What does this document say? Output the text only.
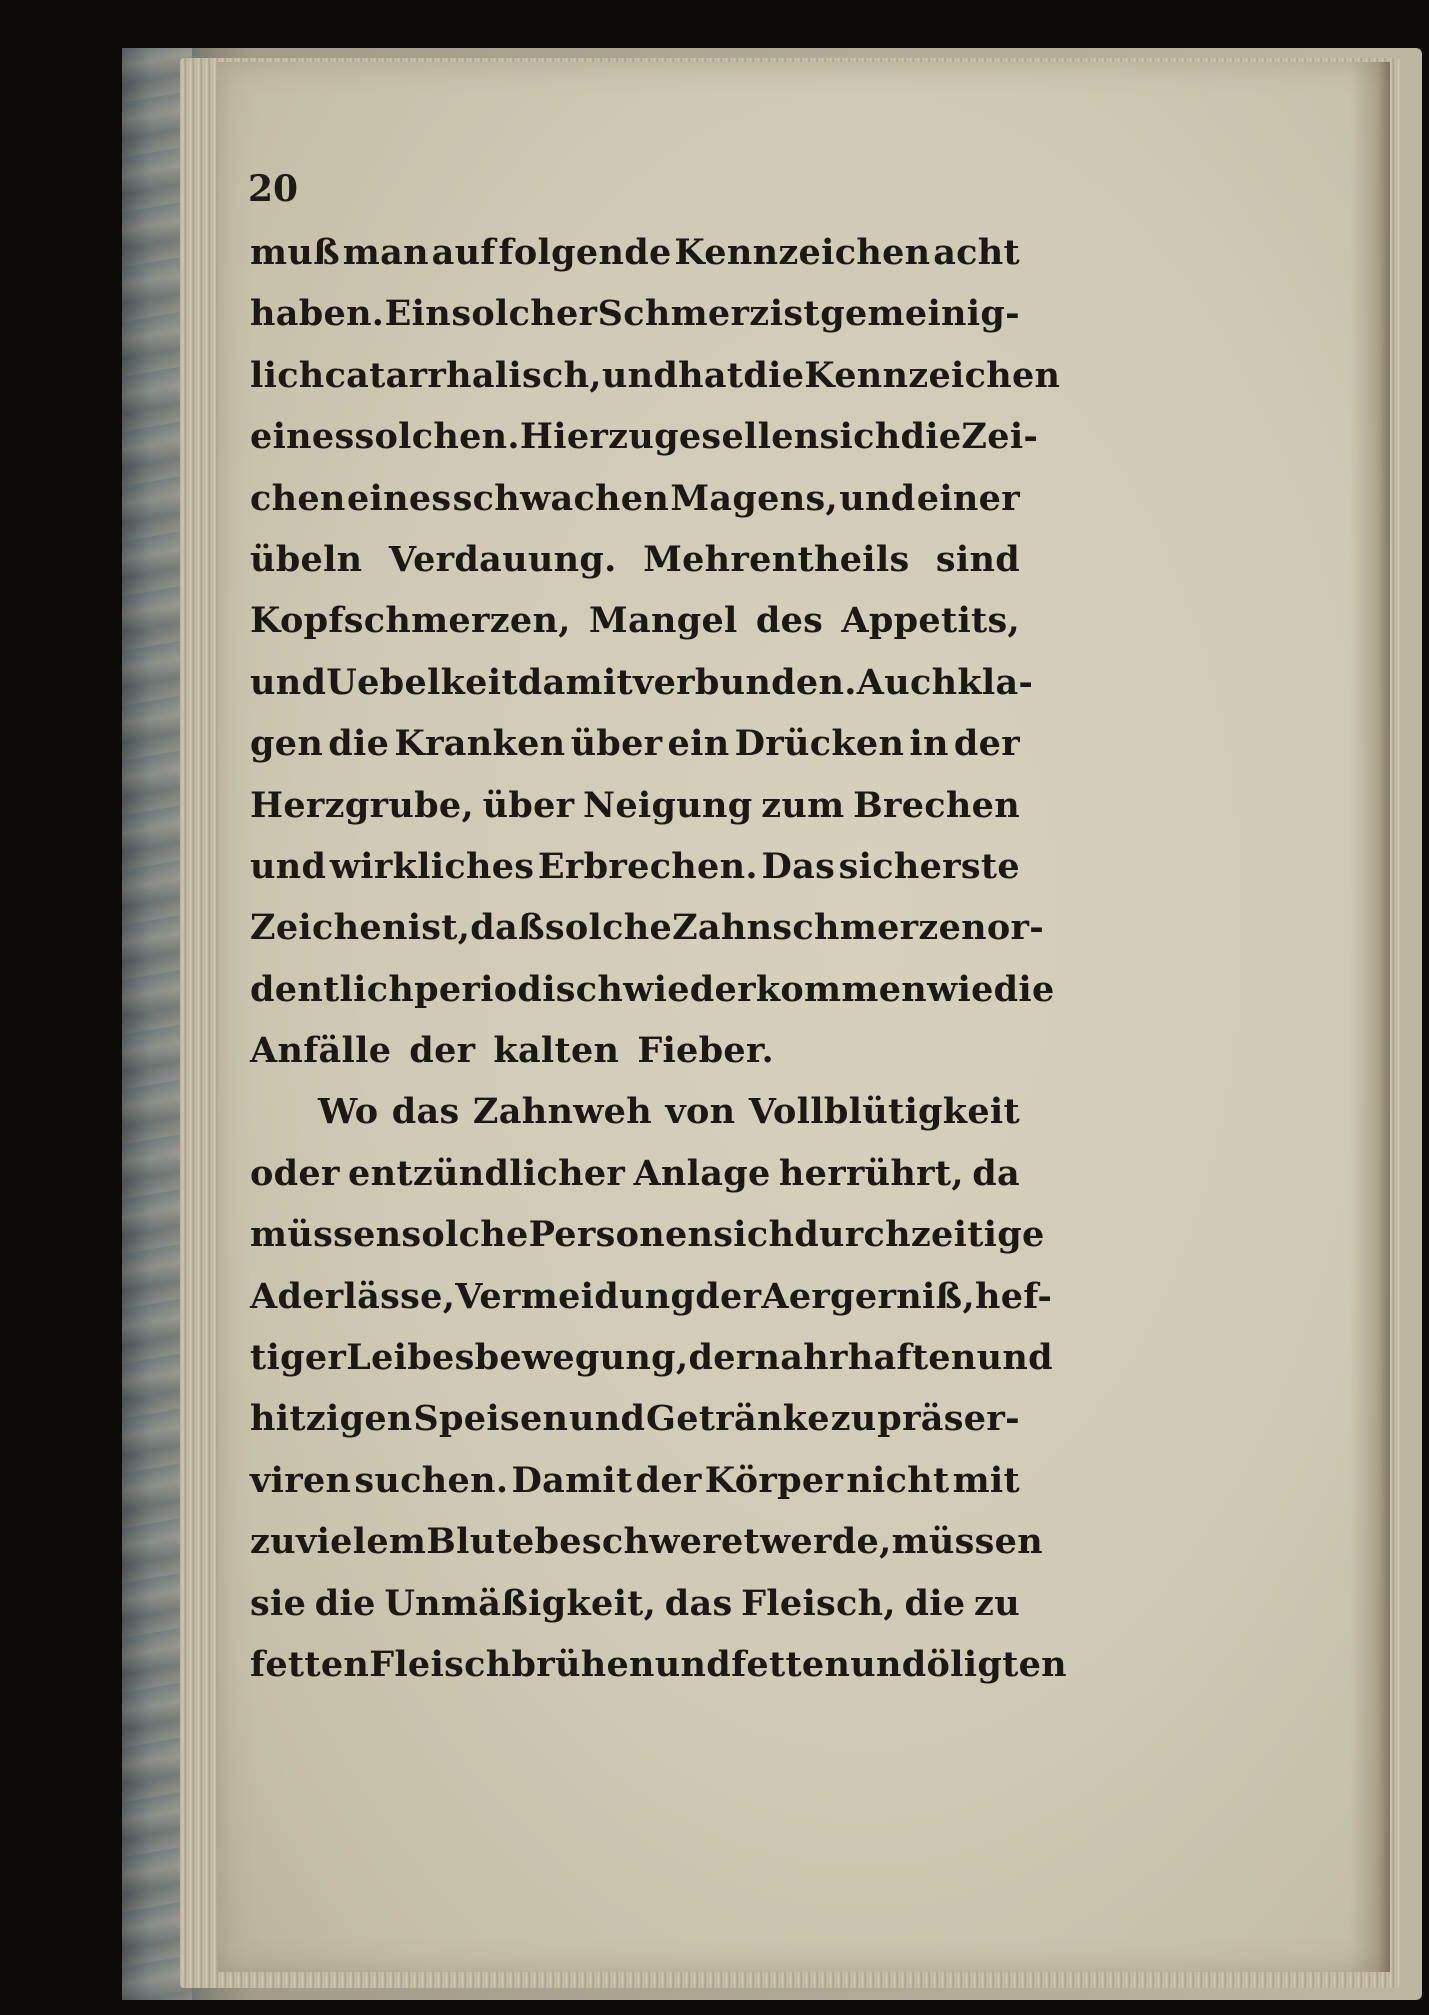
20

muß man auf folgende Kennzeichen acht
haben. Ein solcher Schmerz ist gemeinig-
lich catarrhalisch, und hat die Kennzeichen
eines solchen. Hierzu gesellen sich die Zei-
chen eines schwachen Magens, und einer
übeln Verdauung. Mehrentheils sind
Kopfschmerzen, Mangel des Appetits,
und Uebelkeit damit verbunden. Auch kla-
gen die Kranken über ein Drücken in der
Herzgrube, über Neigung zum Brechen
und wirkliches Erbrechen. Das sicherste
Zeichen ist, daß solche Zahnschmerzen or-
dentlich periodisch wieder kommen wie die
Anfälle der kalten Fieber.
Wo das Zahnweh von Vollblütigkeit
oder entzündlicher Anlage herrührt, da
müssen solche Personen sich durch zeitige
Aderlässe, Vermeidung der Aergerniß, hef-
tiger Leibesbewegung, der nahrhaften und
hitzigen Speisen und Getränke zu präser-
viren suchen. Damit der Körper nicht mit
zu vielem Blute beschweret werde, müssen
sie die Unmäßigkeit, das Fleisch, die zu
fetten Fleischbrühen und fetten und öligten
